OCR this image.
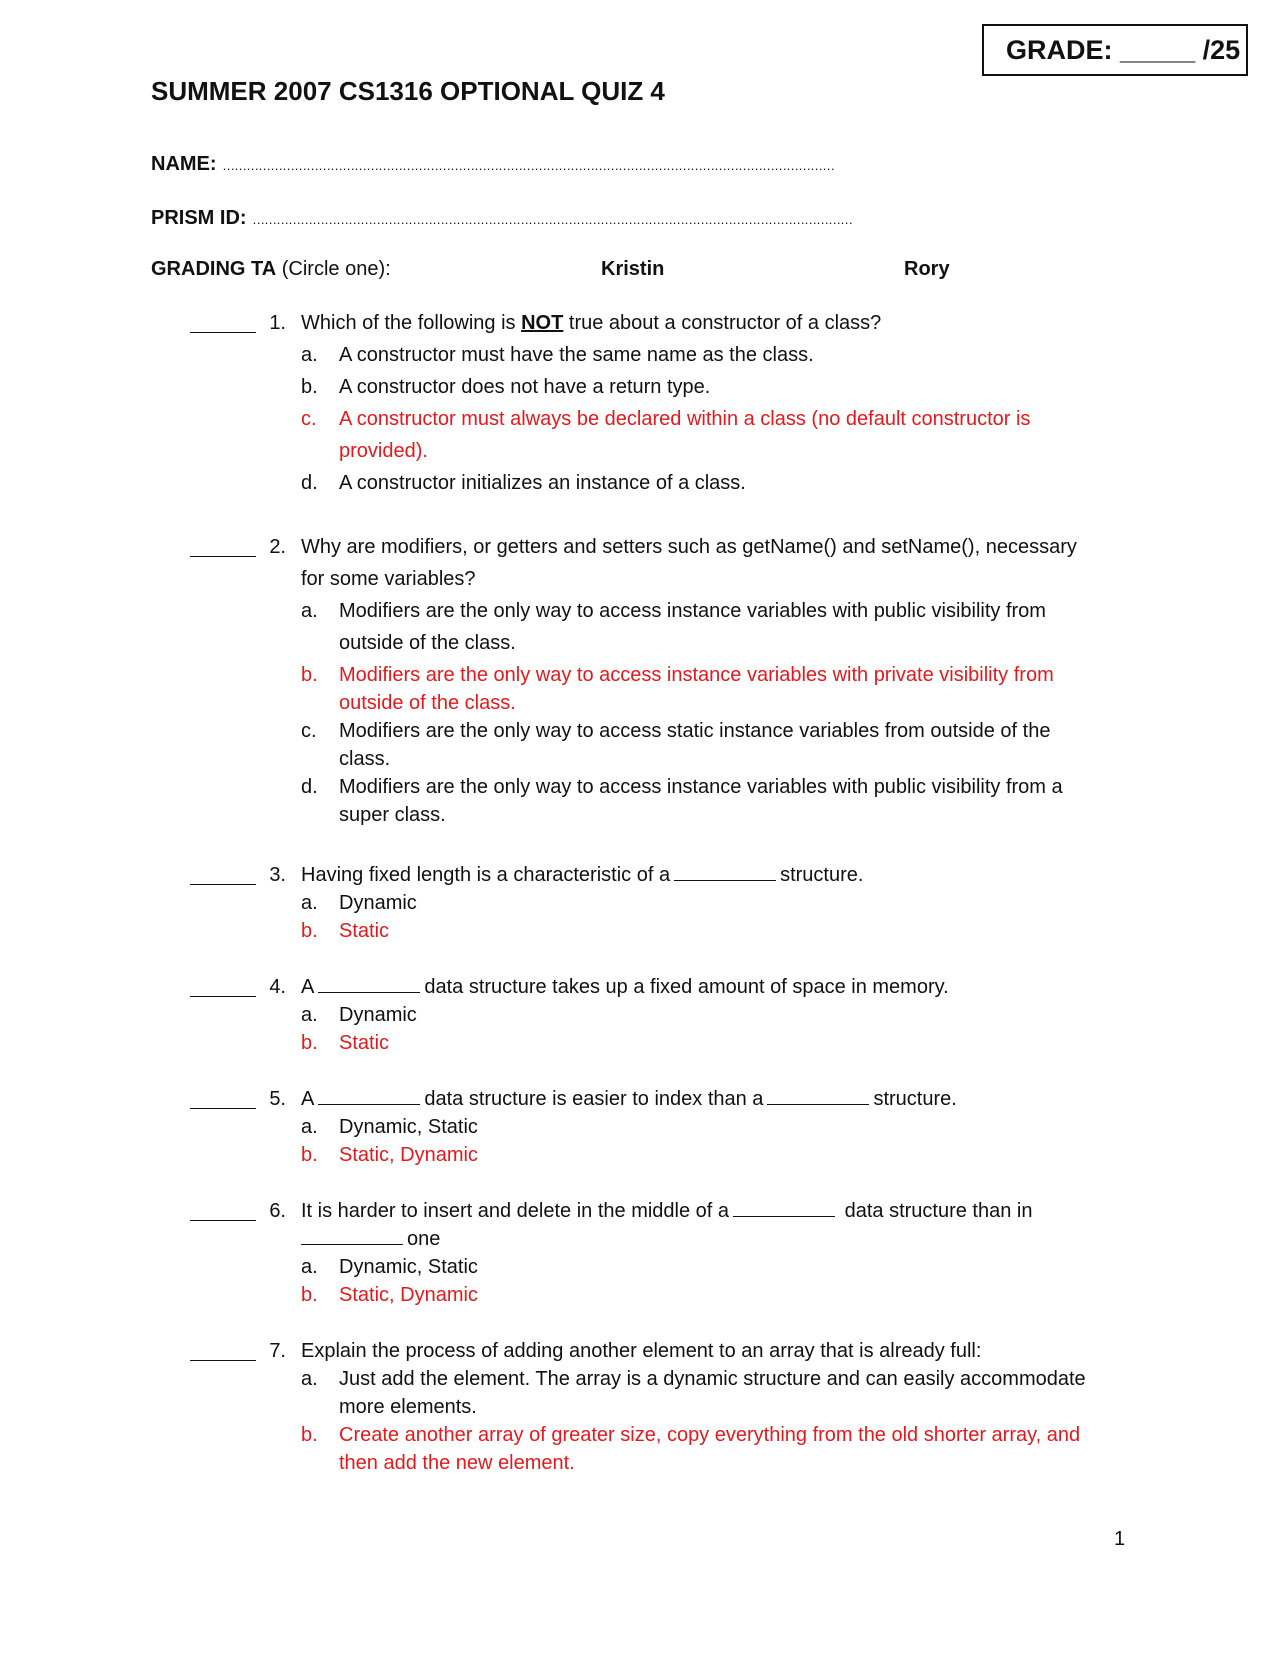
GRADE: _____ /25
SUMMER 2007 CS1316 OPTIONAL QUIZ 4
NAME: ………………………………………………………………………………………………………………………………………
PRISM ID: ……………………………………………………………………………………………………………………………………
GRADING TA (Circle one):	Kristin	Rory
1. Which of the following is NOT true about a constructor of a class?
a.	A constructor must have the same name as the class.
b.	A constructor does not have a return type.
c.	A constructor must always be declared within a class (no default constructor is
provided).
d.	A constructor initializes an instance of a class.
2. Why are modifiers, or getters and setters such as getName() and setName(), necessary
for some variables?
a.	Modifiers are the only way to access instance variables with public visibility from
outside of the class.
b.	Modifiers are the only way to access instance variables with private visibility from
outside of the class.
c.	Modifiers are the only way to access static instance variables from outside of the
class.
d.	Modifiers are the only way to access instance variables with public visibility from a
super class.
3. Having fixed length is a characteristic of a	structure.
a.	Dynamic
b.	Static
4. A	data structure takes up a fixed amount of space in memory.
a.	Dynamic
b.	Static
5. A	data structure is easier to index than a	structure.
a.	Dynamic, Static
b.	Static, Dynamic
6. It is harder to insert and delete in the middle of a	data structure than in
one
a.	Dynamic, Static
b.	Static, Dynamic
7. Explain the process of adding another element to an array that is already full:
a.	Just add the element. The array is a dynamic structure and can easily accommodate
more elements.
b.	Create another array of greater size, copy everything from the old shorter array, and
then add the new element.
1
